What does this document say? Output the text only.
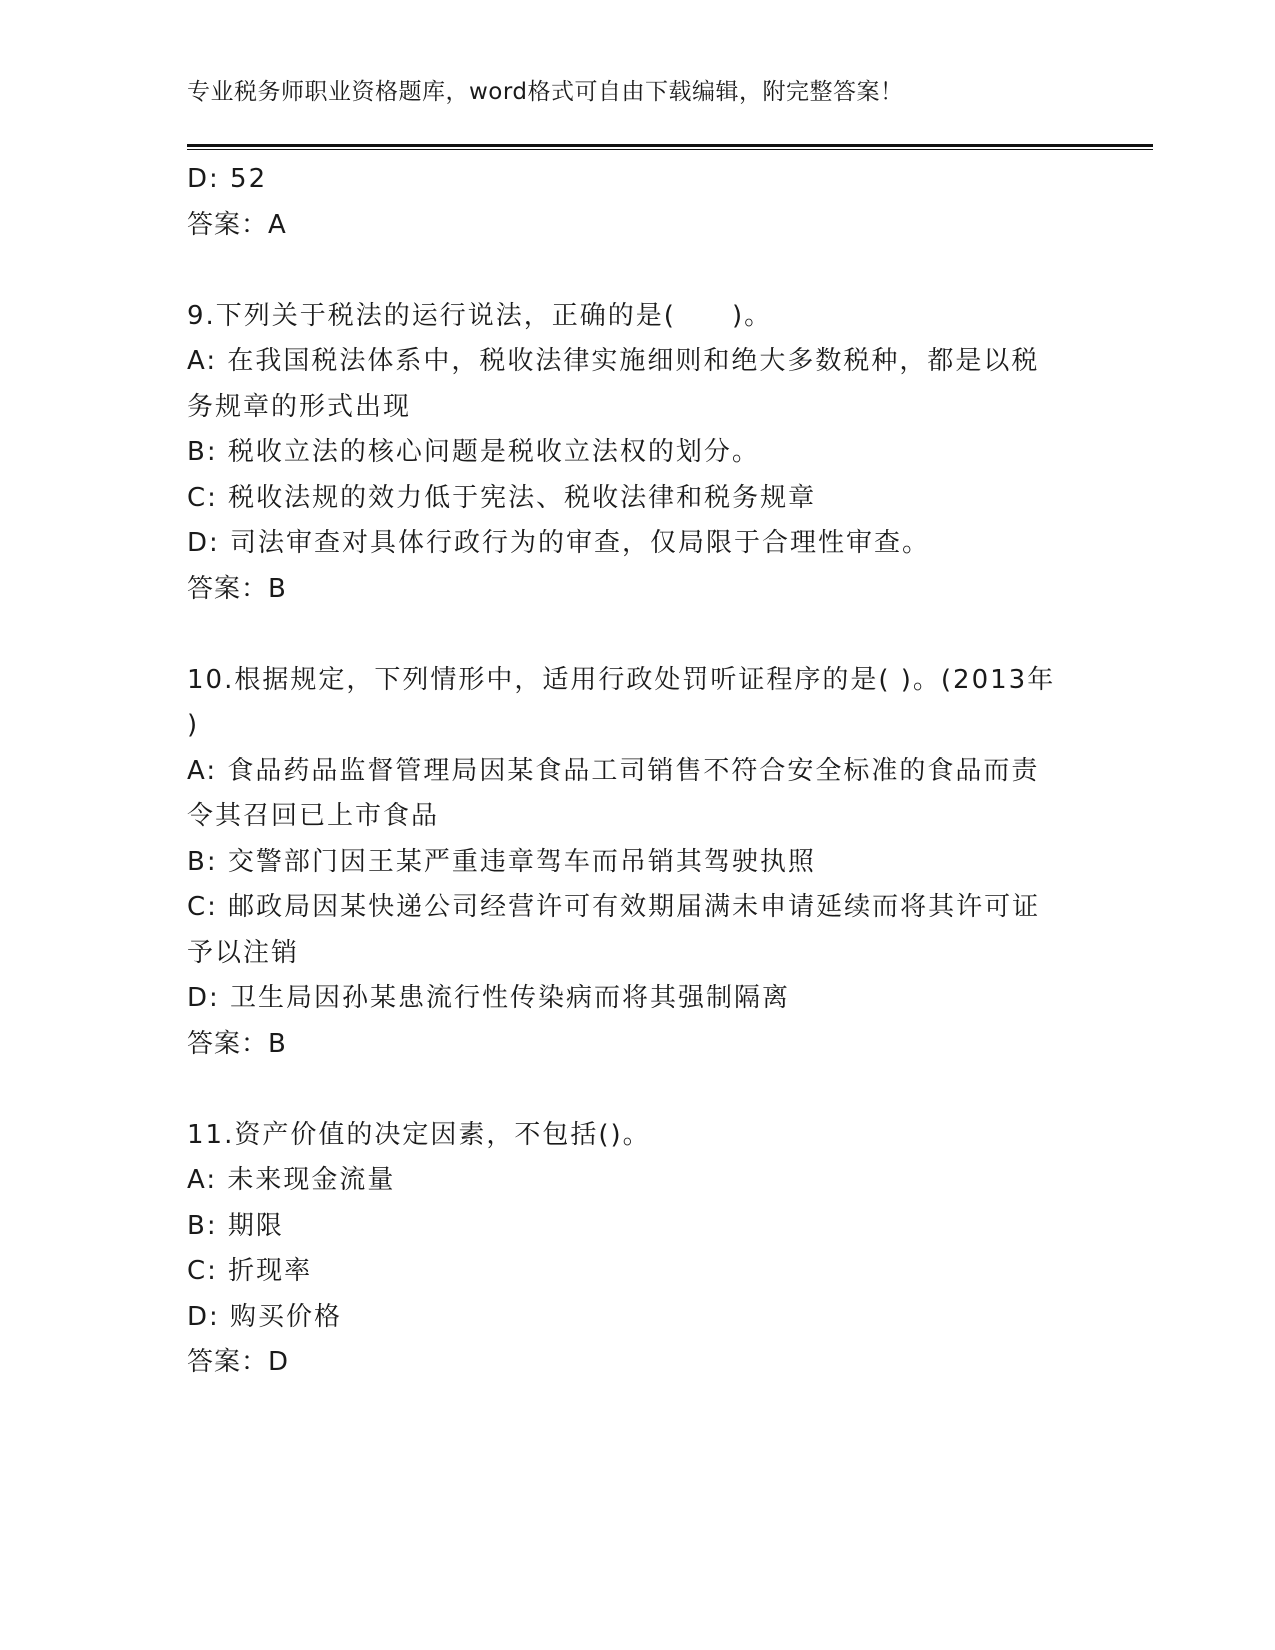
专业税务师职业资格题库，word格式可自由下载编辑，附完整答案！
D: 52
答案：A
9.下列关于税法的运行说法，正确的是(　　)。
A: 在我国税法体系中，税收法律实施细则和绝大多数税种，都是以税
务规章的形式出现
B: 税收立法的核心问题是税收立法权的划分。
C: 税收法规的效力低于宪法、税收法律和税务规章
D: 司法审查对具体行政行为的审查，仅局限于合理性审查。
答案：B
10.根据规定，下列情形中，适用行政处罚听证程序的是( )。(2013年
)
A: 食品药品监督管理局因某食品工司销售不符合安全标准的食品而责
令其召回已上市食品
B: 交警部门因王某严重违章驾车而吊销其驾驶执照
C: 邮政局因某快递公司经营许可有效期届满未申请延续而将其许可证
予以注销
D: 卫生局因孙某患流行性传染病而将其强制隔离
答案：B
11.资产价值的决定因素，不包括()。
A: 未来现金流量
B: 期限
C: 折现率
D: 购买价格
答案：D
